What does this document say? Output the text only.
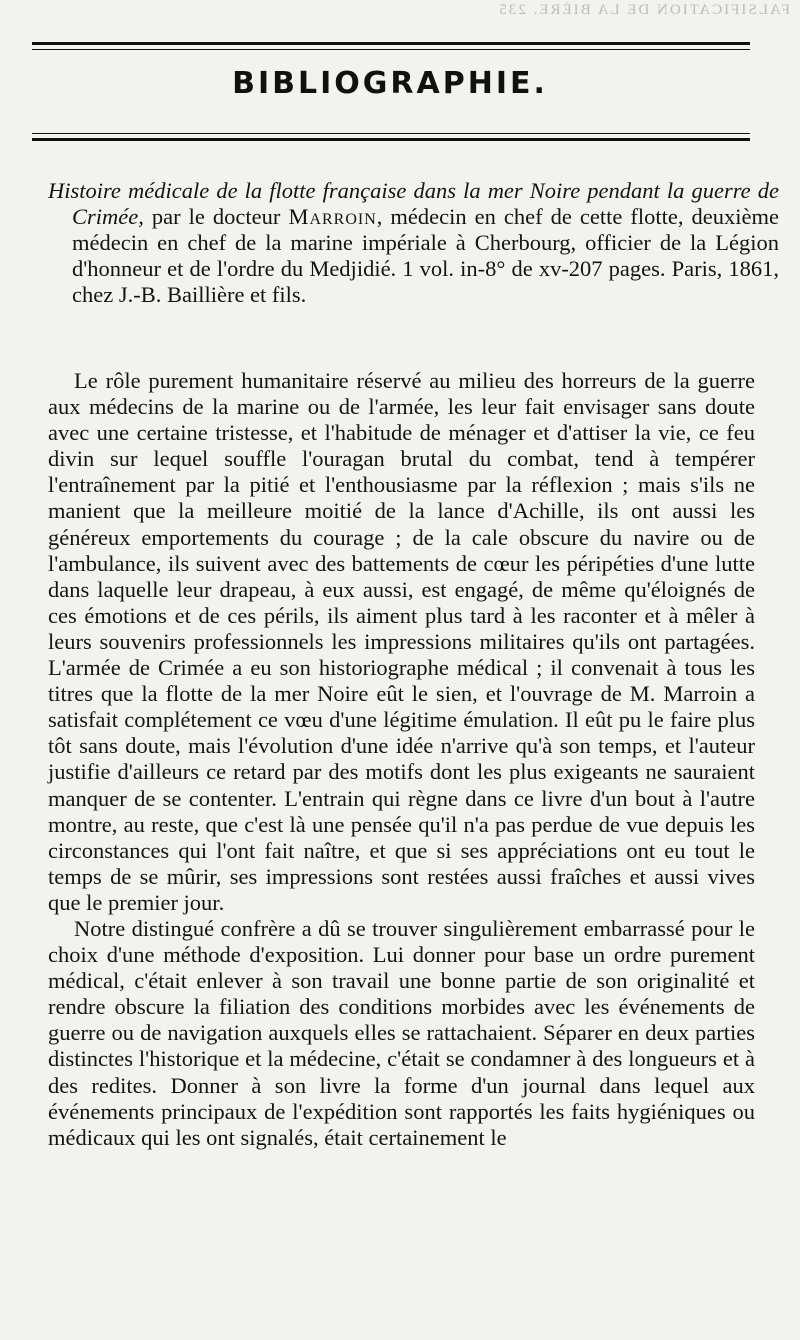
FALSIFICATION DE LA BIÈRE. 235
BIBLIOGRAPHIE.
Histoire médicale de la flotte française dans la mer Noire pendant la guerre de Crimée, par le docteur Marroin, médecin en chef de cette flotte, deuxième médecin en chef de la marine impériale à Cherbourg, officier de la Légion d'honneur et de l'ordre du Medjidié. 1 vol. in-8° de xv-207 pages. Paris, 1861, chez J.-B. Baillière et fils.

Le rôle purement humanitaire réservé au milieu des horreurs de la guerre aux médecins de la marine ou de l'armée, les leur fait envisager sans doute avec une certaine tristesse, et l'habitude de ménager et d'attiser la vie, ce feu divin sur lequel souffle l'ouragan brutal du combat, tend à tempérer l'entraînement par la pitié et l'enthousiasme par la réflexion ; mais s'ils ne manient que la meilleure moitié de la lance d'Achille, ils ont aussi les généreux emportements du courage ; de la cale obscure du navire ou de l'ambulance, ils suivent avec des battements de cœur les péripéties d'une lutte dans laquelle leur drapeau, à eux aussi, est engagé, de même qu'éloignés de ces émotions et de ces périls, ils aiment plus tard à les raconter et à mêler à leurs souvenirs professionnels les impressions militaires qu'ils ont partagées. L'armée de Crimée a eu son historiographe médical ; il convenait à tous les titres que la flotte de la mer Noire eût le sien, et l'ouvrage de M. Marroin a satisfait complétement ce vœu d'une légitime émulation. Il eût pu le faire plus tôt sans doute, mais l'évolution d'une idée n'arrive qu'à son temps, et l'auteur justifie d'ailleurs ce retard par des motifs dont les plus exigeants ne sauraient manquer de se contenter. L'entrain qui règne dans ce livre d'un bout à l'autre montre, au reste, que c'est là une pensée qu'il n'a pas perdue de vue depuis les circonstances qui l'ont fait naître, et que si ses appréciations ont eu tout le temps de se mûrir, ses impressions sont restées aussi fraîches et aussi vives que le premier jour.

Notre distingué confrère a dû se trouver singulièrement embarrassé pour le choix d'une méthode d'exposition. Lui donner pour base un ordre purement médical, c'était enlever à son travail une bonne partie de son originalité et rendre obscure la filiation des conditions morbides avec les événements de guerre ou de navigation auxquels elles se rattachaient. Séparer en deux parties distinctes l'historique et la médecine, c'était se condamner à des longueurs et à des redites. Donner à son livre la forme d'un journal dans lequel aux événements principaux de l'expédition sont rapportés les faits hygiéniques ou médicaux qui les ont signalés, était certainement le
